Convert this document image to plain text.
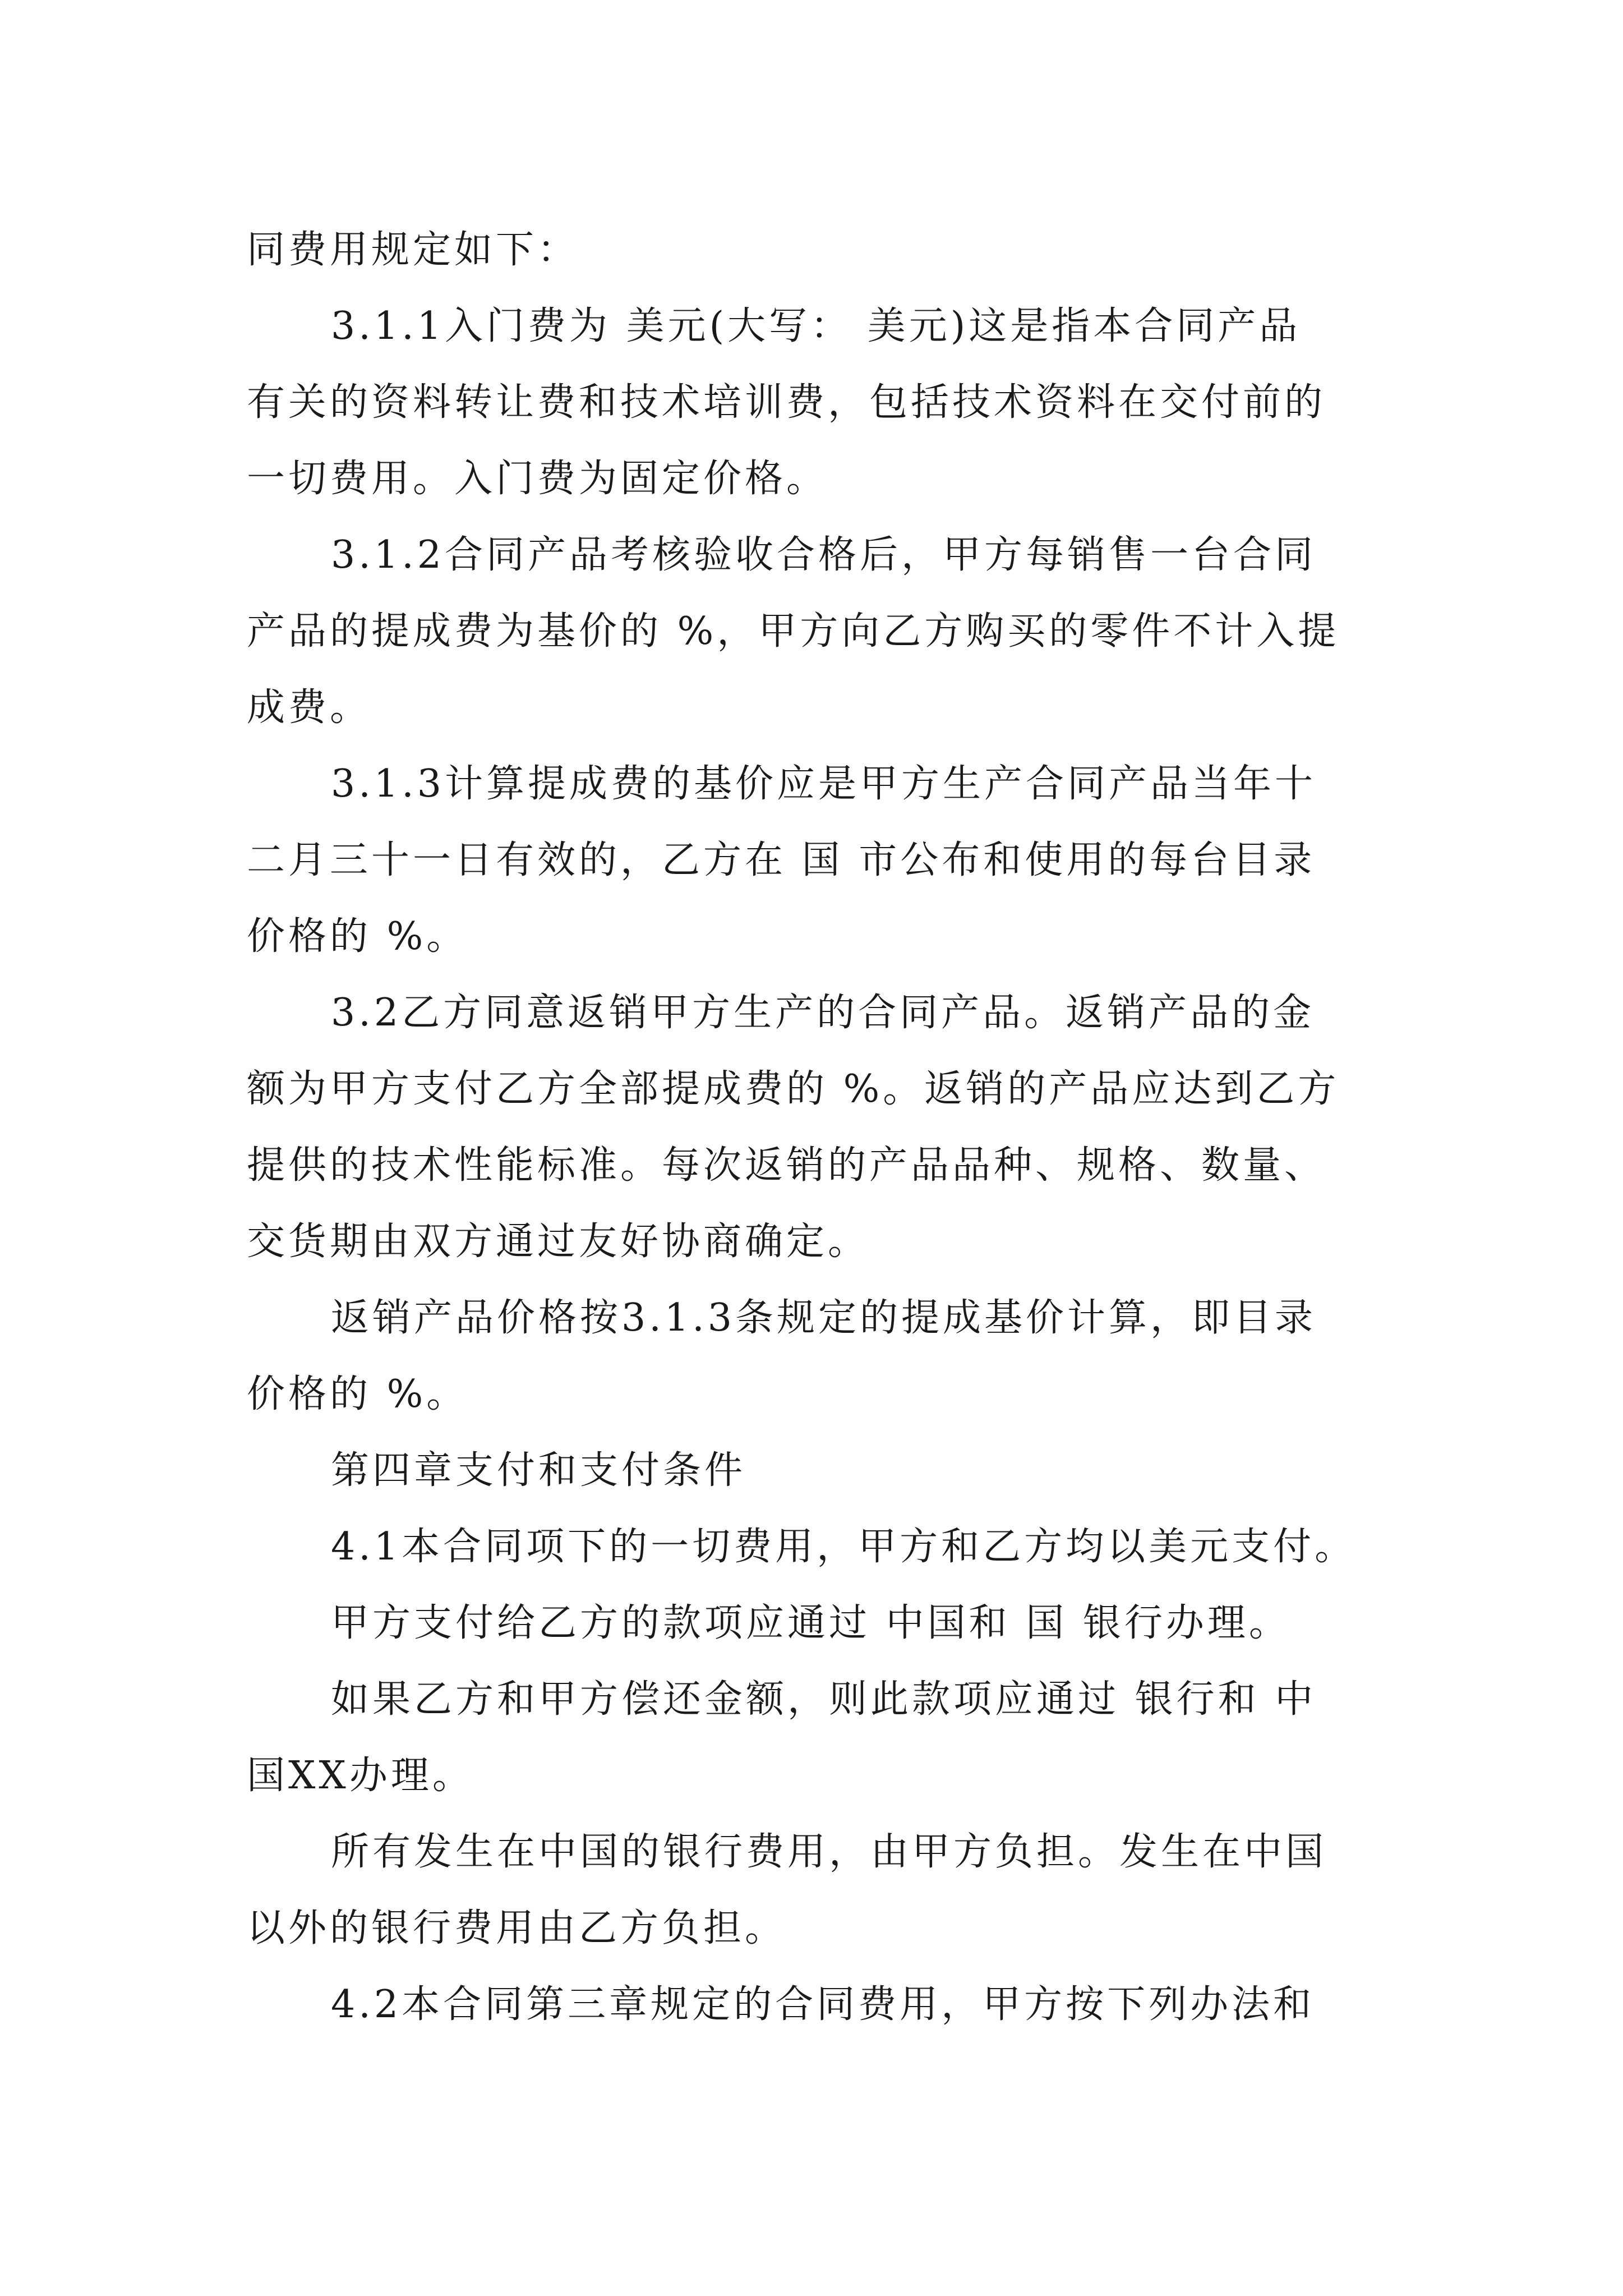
同费用规定如下：
3.1.1入门费为 美元(大写： 美元)这是指本合同产品
有关的资料转让费和技术培训费，包括技术资料在交付前的
一切费用。入门费为固定价格。
3.1.2合同产品考核验收合格后，甲方每销售一台合同
产品的提成费为基价的 %，甲方向乙方购买的零件不计入提
成费。
3.1.3计算提成费的基价应是甲方生产合同产品当年十
二月三十一日有效的，乙方在 国 市公布和使用的每台目录
价格的 %。
3.2乙方同意返销甲方生产的合同产品。返销产品的金
额为甲方支付乙方全部提成费的 %。返销的产品应达到乙方
提供的技术性能标准。每次返销的产品品种、规格、数量、
交货期由双方通过友好协商确定。
返销产品价格按3.1.3条规定的提成基价计算，即目录
价格的 %。
第四章支付和支付条件
4.1本合同项下的一切费用，甲方和乙方均以美元支付。
甲方支付给乙方的款项应通过 中国和 国 银行办理。
如果乙方和甲方偿还金额，则此款项应通过 银行和 中
国XX办理。
所有发生在中国的银行费用，由甲方负担。发生在中国
以外的银行费用由乙方负担。
4.2本合同第三章规定的合同费用，甲方按下列办法和
